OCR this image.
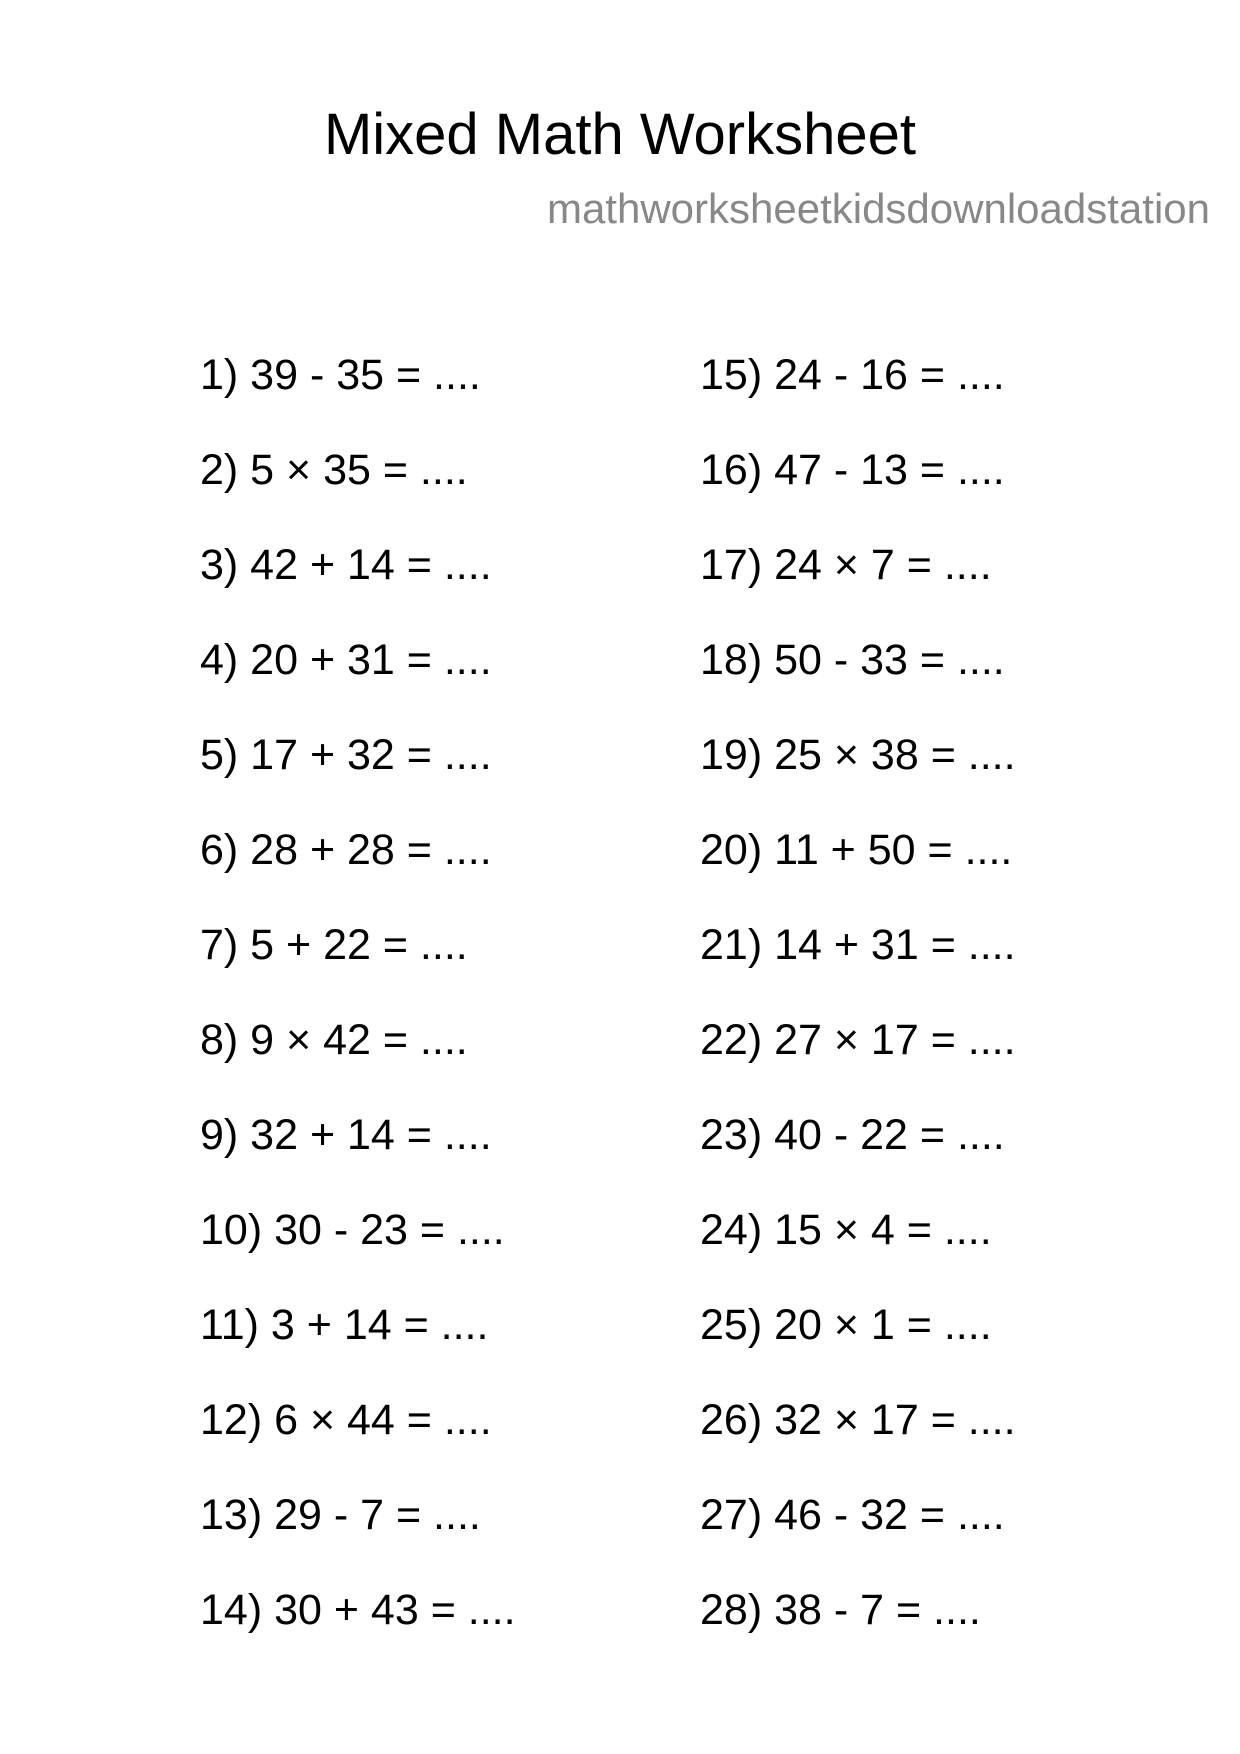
Mixed Math Worksheet
mathworksheetkidsdownloadstation
1) 39 - 35 = ....
2) 5 × 35 = ....
3) 42 + 14 = ....
4) 20 + 31 = ....
5) 17 + 32 = ....
6) 28 + 28 = ....
7) 5 + 22 = ....
8) 9 × 42 = ....
9) 32 + 14 = ....
10) 30 - 23 = ....
11) 3 + 14 = ....
12) 6 × 44 = ....
13) 29 - 7 = ....
14) 30 + 43 = ....
15) 24 - 16 = ....
16) 47 - 13 = ....
17) 24 × 7 = ....
18) 50 - 33 = ....
19) 25 × 38 = ....
20) 11 + 50 = ....
21) 14 + 31 = ....
22) 27 × 17 = ....
23) 40 - 22 = ....
24) 15 × 4 = ....
25) 20 × 1 = ....
26) 32 × 17 = ....
27) 46 - 32 = ....
28) 38 - 7 = ....
